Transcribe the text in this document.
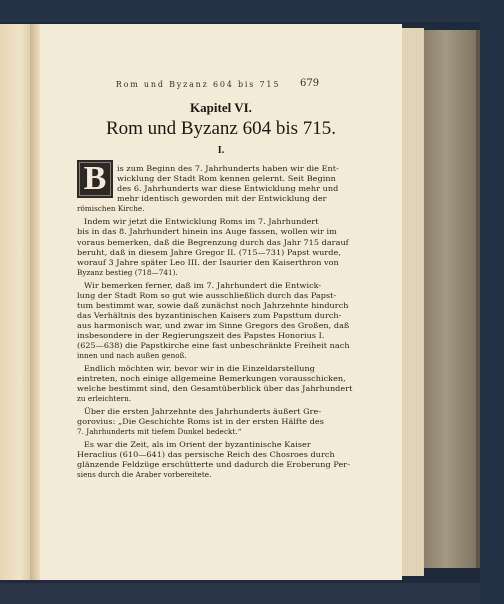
Rom und Byzanz 604 bis 715	679
Kapitel VI.
Rom und Byzanz 604 bis 715.
I.
B	is zum Beginn des 7. Jahrhunderts haben wir die Ent-
wicklung der Stadt Rom kennen gelernt. Seit Beginn
des 6. Jahrhunderts war diese Entwicklung mehr und
mehr identisch geworden mit der Entwicklung der
römischen Kirche.
Indem wir jetzt die Entwicklung Roms im 7. Jahrhundert
bis in das 8. Jahrhundert hinein ins Auge fassen, wollen wir im
voraus bemerken, daß die Begrenzung durch das Jahr 715 darauf
beruht, daß in diesem Jahre Gregor II. (715—731) Papst wurde,
worauf 3 Jahre später Leo III. der Isaurier den Kaiserthron von
Byzanz bestieg (718—741).
Wir bemerken ferner, daß im 7. Jahrhundert die Entwick-
lung der Stadt Rom so gut wie ausschließlich durch das Papst-
tum bestimmt war, sowie daß zunächst noch Jahrzehnte hindurch
das Verhältnis des byzantinischen Kaisers zum Papsttum durch-
aus harmonisch war, und zwar im Sinne Gregors des Großen, daß
insbesondere in der Regierungszeit des Papstes Honorius I.
(625—638) die Papstkirche eine fast unbeschränkte Freiheit nach
innen und nach außen genoß.
Endlich möchten wir, bevor wir in die Einzeldarstellung
eintreten, noch einige allgemeine Bemerkungen vorausschicken,
welche bestimmt sind, den Gesamtüberblick über das Jahrhundert
zu erleichtern.
Über die ersten Jahrzehnte des Jahrhunderts äußert Gre-
gorovius: „Die Geschichte Roms ist in der ersten Hälfte des
7. Jahrhunderts mit tiefem Dunkel bedeckt.“
Es war die Zeit, als im Orient der byzantinische Kaiser
Heraclius (610—641) das persische Reich des Chosroes durch
glänzende Feldzüge erschütterte und dadurch die Eroberung Per-
siens durch die Araber vorbereitete.
